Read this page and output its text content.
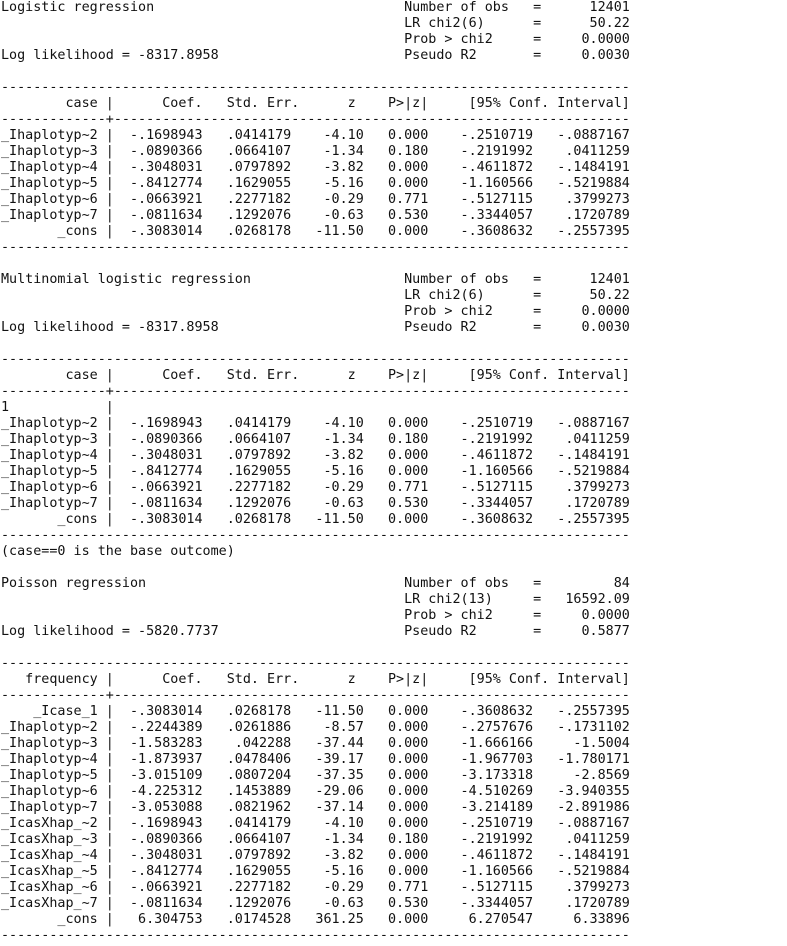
Logistic regression                               Number of obs   =      12401
LR chi2(6)      =      50.22
Prob > chi2     =     0.0000
Log likelihood = -8317.8958                       Pseudo R2       =     0.0030

------------------------------------------------------------------------------
case |      Coef.   Std. Err.      z    P>|z|     [95% Conf. Interval]
-------------+----------------------------------------------------------------
_Ihaplotyp~2 |  -.1698943   .0414179    -4.10   0.000    -.2510719   -.0887167
_Ihaplotyp~3 |  -.0890366   .0664107    -1.34   0.180    -.2191992    .0411259
_Ihaplotyp~4 |  -.3048031   .0797892    -3.82   0.000    -.4611872   -.1484191
_Ihaplotyp~5 |  -.8412774   .1629055    -5.16   0.000    -1.160566   -.5219884
_Ihaplotyp~6 |  -.0663921   .2277182    -0.29   0.771    -.5127115    .3799273
_Ihaplotyp~7 |  -.0811634   .1292076    -0.63   0.530    -.3344057    .1720789
_cons |  -.3083014   .0268178   -11.50   0.000    -.3608632   -.2557395
------------------------------------------------------------------------------

Multinomial logistic regression                   Number of obs   =      12401
LR chi2(6)      =      50.22
Prob > chi2     =     0.0000
Log likelihood = -8317.8958                       Pseudo R2       =     0.0030

------------------------------------------------------------------------------
case |      Coef.   Std. Err.      z    P>|z|     [95% Conf. Interval]
-------------+----------------------------------------------------------------
1            |
_Ihaplotyp~2 |  -.1698943   .0414179    -4.10   0.000    -.2510719   -.0887167
_Ihaplotyp~3 |  -.0890366   .0664107    -1.34   0.180    -.2191992    .0411259
_Ihaplotyp~4 |  -.3048031   .0797892    -3.82   0.000    -.4611872   -.1484191
_Ihaplotyp~5 |  -.8412774   .1629055    -5.16   0.000    -1.160566   -.5219884
_Ihaplotyp~6 |  -.0663921   .2277182    -0.29   0.771    -.5127115    .3799273
_Ihaplotyp~7 |  -.0811634   .1292076    -0.63   0.530    -.3344057    .1720789
_cons |  -.3083014   .0268178   -11.50   0.000    -.3608632   -.2557395
------------------------------------------------------------------------------
(case==0 is the base outcome)

Poisson regression                                Number of obs   =         84
LR chi2(13)     =   16592.09
Prob > chi2     =     0.0000
Log likelihood = -5820.7737                       Pseudo R2       =     0.5877

------------------------------------------------------------------------------
frequency |      Coef.   Std. Err.      z    P>|z|     [95% Conf. Interval]
-------------+----------------------------------------------------------------
_Icase_1 |  -.3083014   .0268178   -11.50   0.000    -.3608632   -.2557395
_Ihaplotyp~2 |  -.2244389   .0261886    -8.57   0.000    -.2757676   -.1731102
_Ihaplotyp~3 |  -1.583283    .042288   -37.44   0.000    -1.666166     -1.5004
_Ihaplotyp~4 |  -1.873937   .0478406   -39.17   0.000    -1.967703   -1.780171
_Ihaplotyp~5 |  -3.015109   .0807204   -37.35   0.000    -3.173318     -2.8569
_Ihaplotyp~6 |  -4.225312   .1453889   -29.06   0.000    -4.510269   -3.940355
_Ihaplotyp~7 |  -3.053088   .0821962   -37.14   0.000    -3.214189   -2.891986
_IcasXhap_~2 |  -.1698943   .0414179    -4.10   0.000    -.2510719   -.0887167
_IcasXhap_~3 |  -.0890366   .0664107    -1.34   0.180    -.2191992    .0411259
_IcasXhap_~4 |  -.3048031   .0797892    -3.82   0.000    -.4611872   -.1484191
_IcasXhap_~5 |  -.8412774   .1629055    -5.16   0.000    -1.160566   -.5219884
_IcasXhap_~6 |  -.0663921   .2277182    -0.29   0.771    -.5127115    .3799273
_IcasXhap_~7 |  -.0811634   .1292076    -0.63   0.530    -.3344057    .1720789
_cons |   6.304753   .0174528   361.25   0.000     6.270547     6.33896
------------------------------------------------------------------------------
